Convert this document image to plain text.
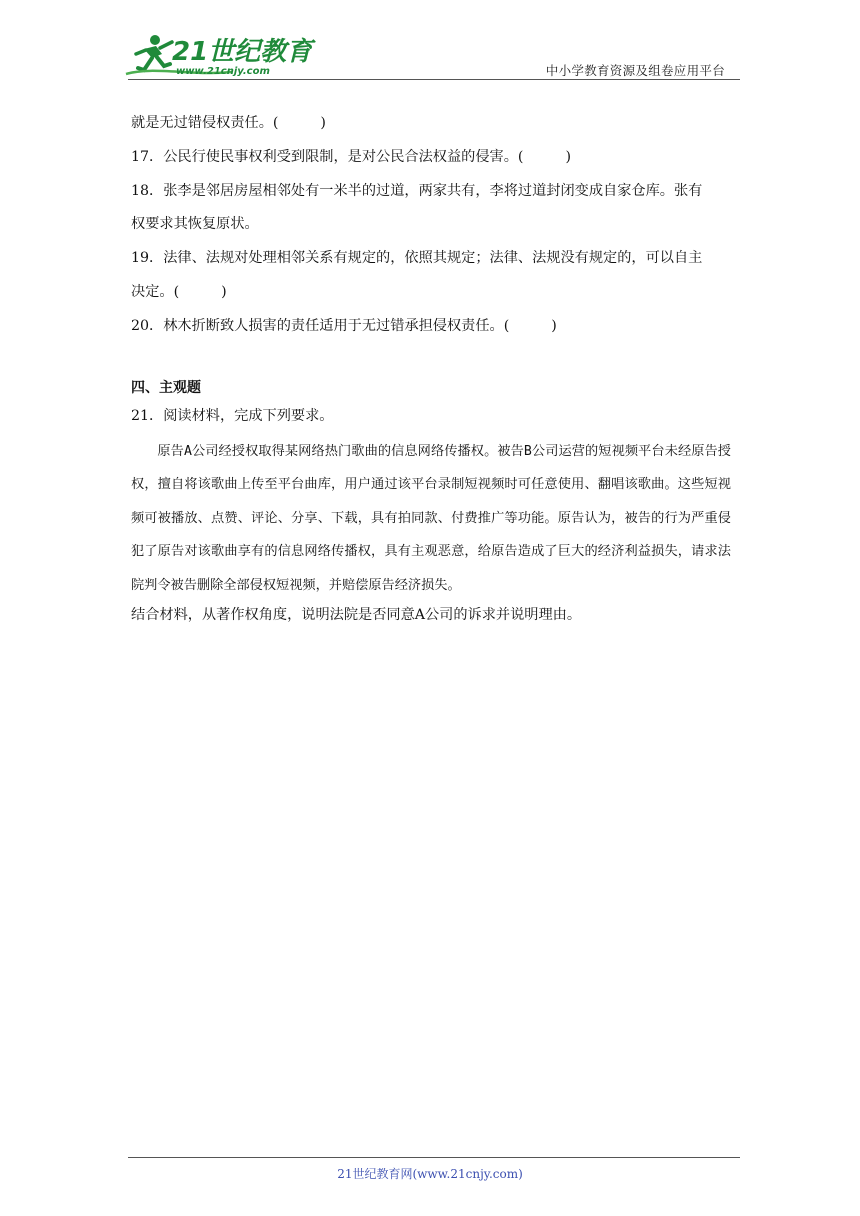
21世纪教育
www.21cnjy.com	中小学教育资源及组卷应用平台
就是无过错侵权责任。(	)
17．公民行使民事权利受到限制，是对公民合法权益的侵害。(	)
18．张李是邻居房屋相邻处有一米半的过道，两家共有，李将过道封闭变成自家仓库。张有
权要求其恢复原状。
19．法律、法规对处理相邻关系有规定的，依照其规定；法律、法规没有规定的，可以自主
决定。(	)
20．林木折断致人损害的责任适用于无过错承担侵权责任。(	)
四、主观题
21．阅读材料，完成下列要求。
原告A公司经授权取得某网络热门歌曲的信息网络传播权。被告B公司运营的短视频平台未经原告授权，擅自将该歌曲上传至平台曲库，用户通过该平台录制短视频时可任意使用、翻唱该歌曲。这些短视频可被播放、点赞、评论、分享、下载，具有拍同款、付费推广等功能。原告认为，被告的行为严重侵犯了原告对该歌曲享有的信息网络传播权，具有主观恶意，给原告造成了巨大的经济利益损失，请求法院判令被告删除全部侵权短视频，并赔偿原告经济损失。
结合材料，从著作权角度，说明法院是否同意A公司的诉求并说明理由。
21世纪教育网(www.21cnjy.com)
